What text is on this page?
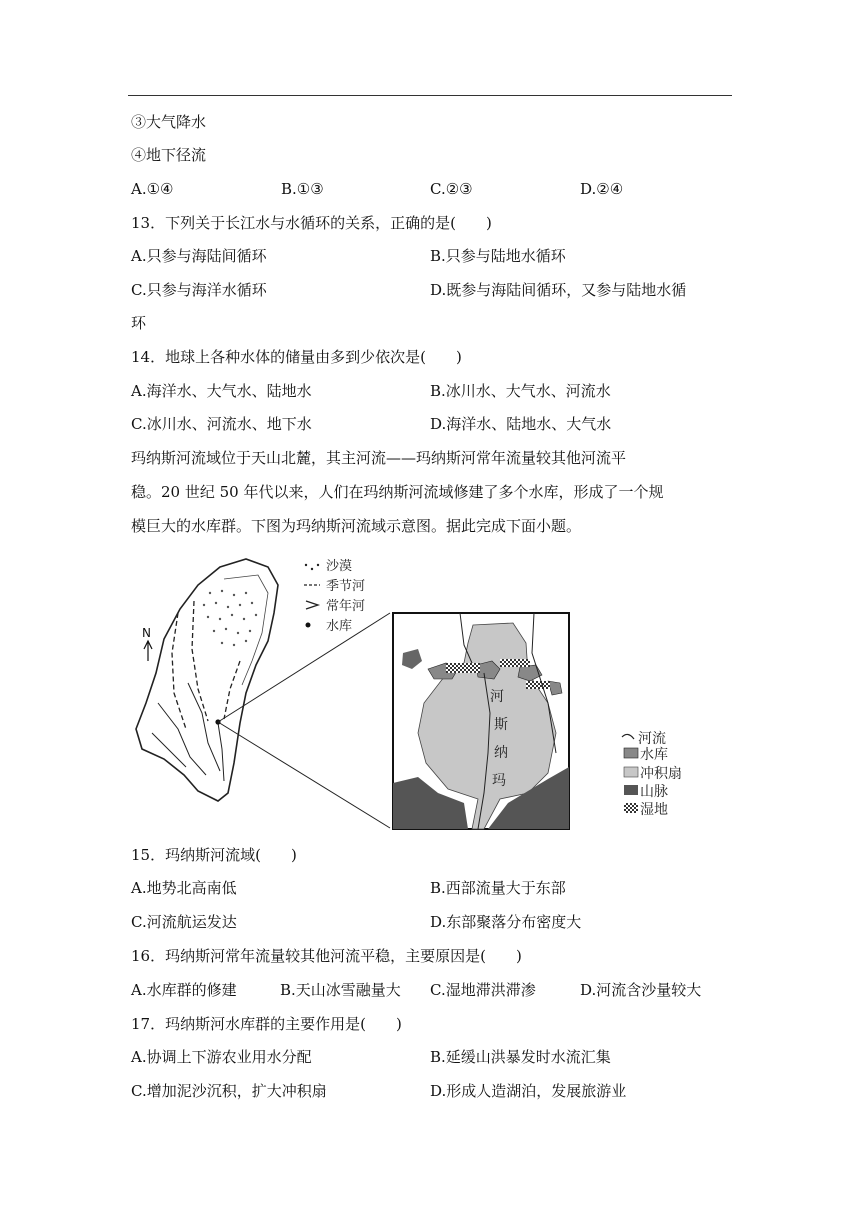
③大气降水
④地下径流
A.①④	B.①③	C.②③	D.②④
13．下列关于长江水与水循环的关系，正确的是(　　)
A.只参与海陆间循环	B.只参与陆地水循环
C.只参与海洋水循环	D.既参与海陆间循环，又参与陆地水循
环
14．地球上各种水体的储量由多到少依次是(　　)
A.海洋水、大气水、陆地水	B.冰川水、大气水、河流水
C.冰川水、河流水、地下水	D.海洋水、陆地水、大气水
玛纳斯河流域位于天山北麓，其主河流——玛纳斯河常年流量较其他河流平
稳。20 世纪 50 年代以来，人们在玛纳斯河流域修建了多个水库，形成了一个规
模巨大的水库群。下图为玛纳斯河流域示意图。据此完成下面小题。
N
沙漠
季节河
常年河
水库
河
斯
纳
玛
河流
水库
冲积扇
山脉
湿地
15．玛纳斯河流域(　　)
A.地势北高南低	B.西部流量大于东部
C.河流航运发达	D.东部聚落分布密度大
16．玛纳斯河常年流量较其他河流平稳，主要原因是(　　)
A.水库群的修建	B.天山冰雪融量大 C.湿地滞洪滞渗	D.河流含沙量较大
17．玛纳斯河水库群的主要作用是(　　)
A.协调上下游农业用水分配	B.延缓山洪暴发时水流汇集
C.增加泥沙沉积，扩大冲积扇	D.形成人造湖泊，发展旅游业
